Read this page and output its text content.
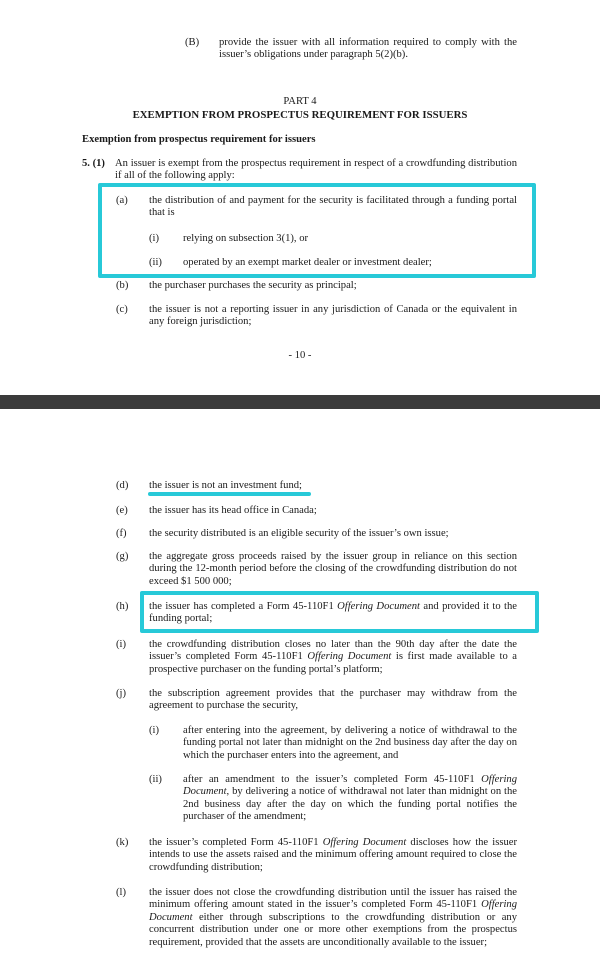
(B) provide the issuer with all information required to comply with the issuer’s obligations under paragraph 5(2)(b).
PART 4
EXEMPTION FROM PROSPECTUS REQUIREMENT FOR ISSUERS
Exemption from prospectus requirement for issuers
5. (1) An issuer is exempt from the prospectus requirement in respect of a crowdfunding distribution if all of the following apply:
(a) the distribution of and payment for the security is facilitated through a funding portal that is
(i) relying on subsection 3(1), or
(ii) operated by an exempt market dealer or investment dealer;
(b) the purchaser purchases the security as principal;
(c) the issuer is not a reporting issuer in any jurisdiction of Canada or the equivalent in any foreign jurisdiction;
- 10 -
(d) the issuer is not an investment fund;
(e) the issuer has its head office in Canada;
(f) the security distributed is an eligible security of the issuer’s own issue;
(g) the aggregate gross proceeds raised by the issuer group in reliance on this section during the 12-month period before the closing of the crowdfunding distribution do not exceed $1 500 000;
(h) the issuer has completed a Form 45-110F1 Offering Document and provided it to the funding portal;
(i) the crowdfunding distribution closes no later than the 90th day after the date the issuer’s completed Form 45-110F1 Offering Document is first made available to a prospective purchaser on the funding portal’s platform;
(j) the subscription agreement provides that the purchaser may withdraw from the agreement to purchase the security,
(i) after entering into the agreement, by delivering a notice of withdrawal to the funding portal not later than midnight on the 2nd business day after the day on which the purchaser enters into the agreement, and
(ii) after an amendment to the issuer’s completed Form 45-110F1 Offering Document, by delivering a notice of withdrawal not later than midnight on the 2nd business day after the day on which the funding portal notifies the purchaser of the amendment;
(k) the issuer’s completed Form 45-110F1 Offering Document discloses how the issuer intends to use the assets raised and the minimum offering amount required to close the crowdfunding distribution;
(l) the issuer does not close the crowdfunding distribution until the issuer has raised the minimum offering amount stated in the issuer’s completed Form 45-110F1 Offering Document either through subscriptions to the crowdfunding distribution or any concurrent distribution under one or more other exemptions from the prospectus requirement, provided that the assets are unconditionally available to the issuer;
